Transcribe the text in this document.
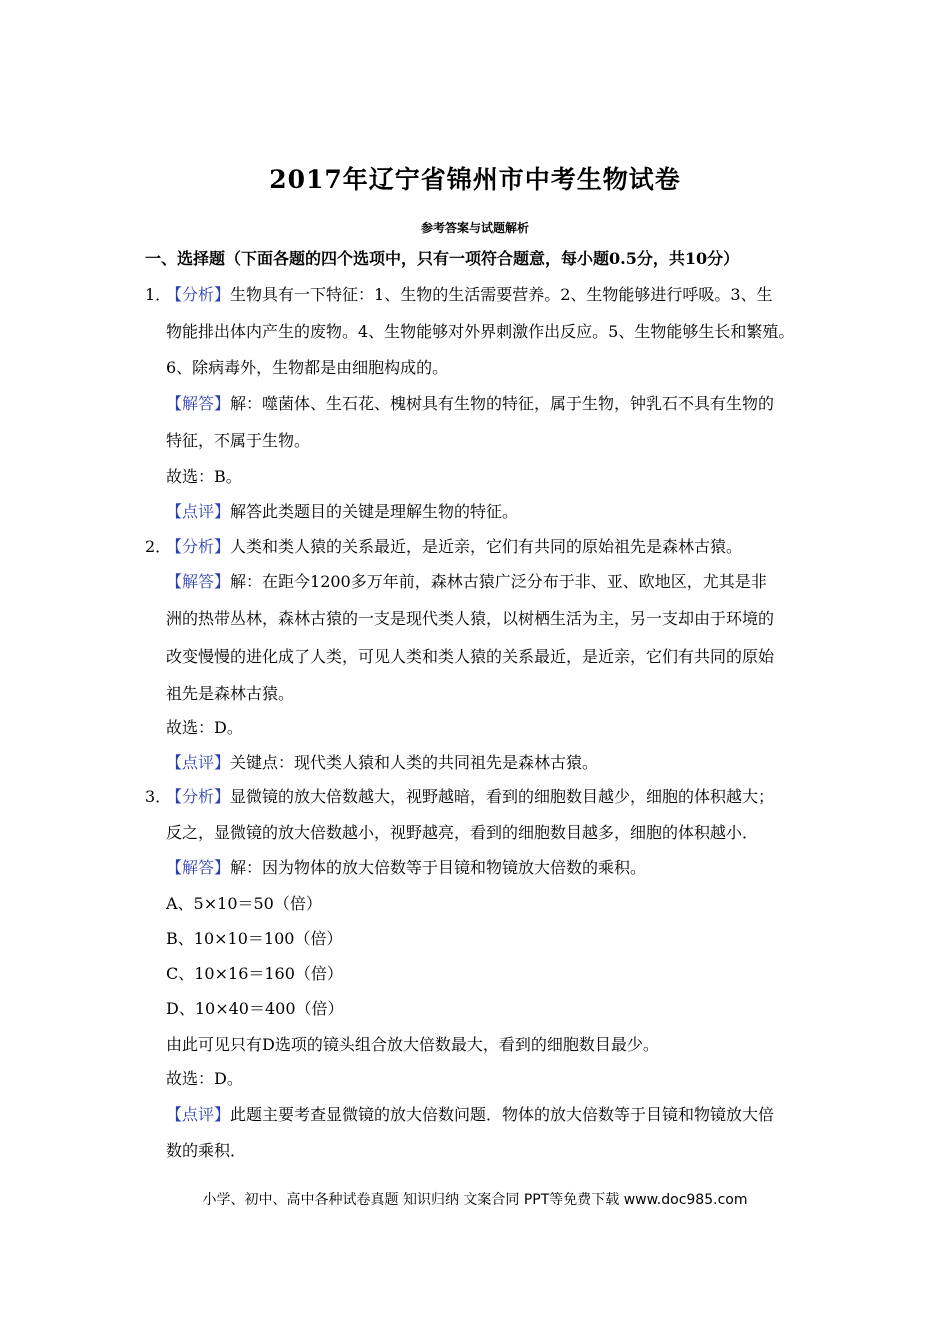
2017年辽宁省锦州市中考生物试卷
参考答案与试题解析
一、选择题（下面各题的四个选项中，只有一项符合题意，每小题0.5分，共10分）
1．
【分析】生物具有一下特征：1、生物的生活需要营养。2、生物能够进行呼吸。3、生
物能排出体内产生的废物。4、生物能够对外界刺激作出反应。5、生物能够生长和繁殖。
6、除病毒外，生物都是由细胞构成的。
【解答】解：噬菌体、生石花、槐树具有生物的特征，属于生物，钟乳石不具有生物的
特征，不属于生物。
故选：B。
【点评】解答此类题目的关键是理解生物的特征。
2．
【分析】人类和类人猿的关系最近，是近亲，它们有共同的原始祖先是森林古猿。
【解答】解：在距今1200多万年前，森林古猿广泛分布于非、亚、欧地区，尤其是非
洲的热带丛林，森林古猿的一支是现代类人猿，以树栖生活为主，另一支却由于环境的
改变慢慢的进化成了人类，可见人类和类人猿的关系最近，是近亲，它们有共同的原始
祖先是森林古猿。
故选：D。
【点评】关键点：现代类人猿和人类的共同祖先是森林古猿。
3．
【分析】显微镜的放大倍数越大，视野越暗，看到的细胞数目越少，细胞的体积越大；
反之，显微镜的放大倍数越小，视野越亮，看到的细胞数目越多，细胞的体积越小．
【解答】解：因为物体的放大倍数等于目镜和物镜放大倍数的乘积。
A、5×10＝50（倍）
B、10×10＝100（倍）
C、10×16＝160（倍）
D、10×40＝400（倍）
由此可见只有D选项的镜头组合放大倍数最大，看到的细胞数目最少。
故选：D。
【点评】此题主要考查显微镜的放大倍数问题．物体的放大倍数等于目镜和物镜放大倍
数的乘积．
小学、初中、高中各种试卷真题 知识归纳 文案合同 PPT等免费下载 www.doc985.com
